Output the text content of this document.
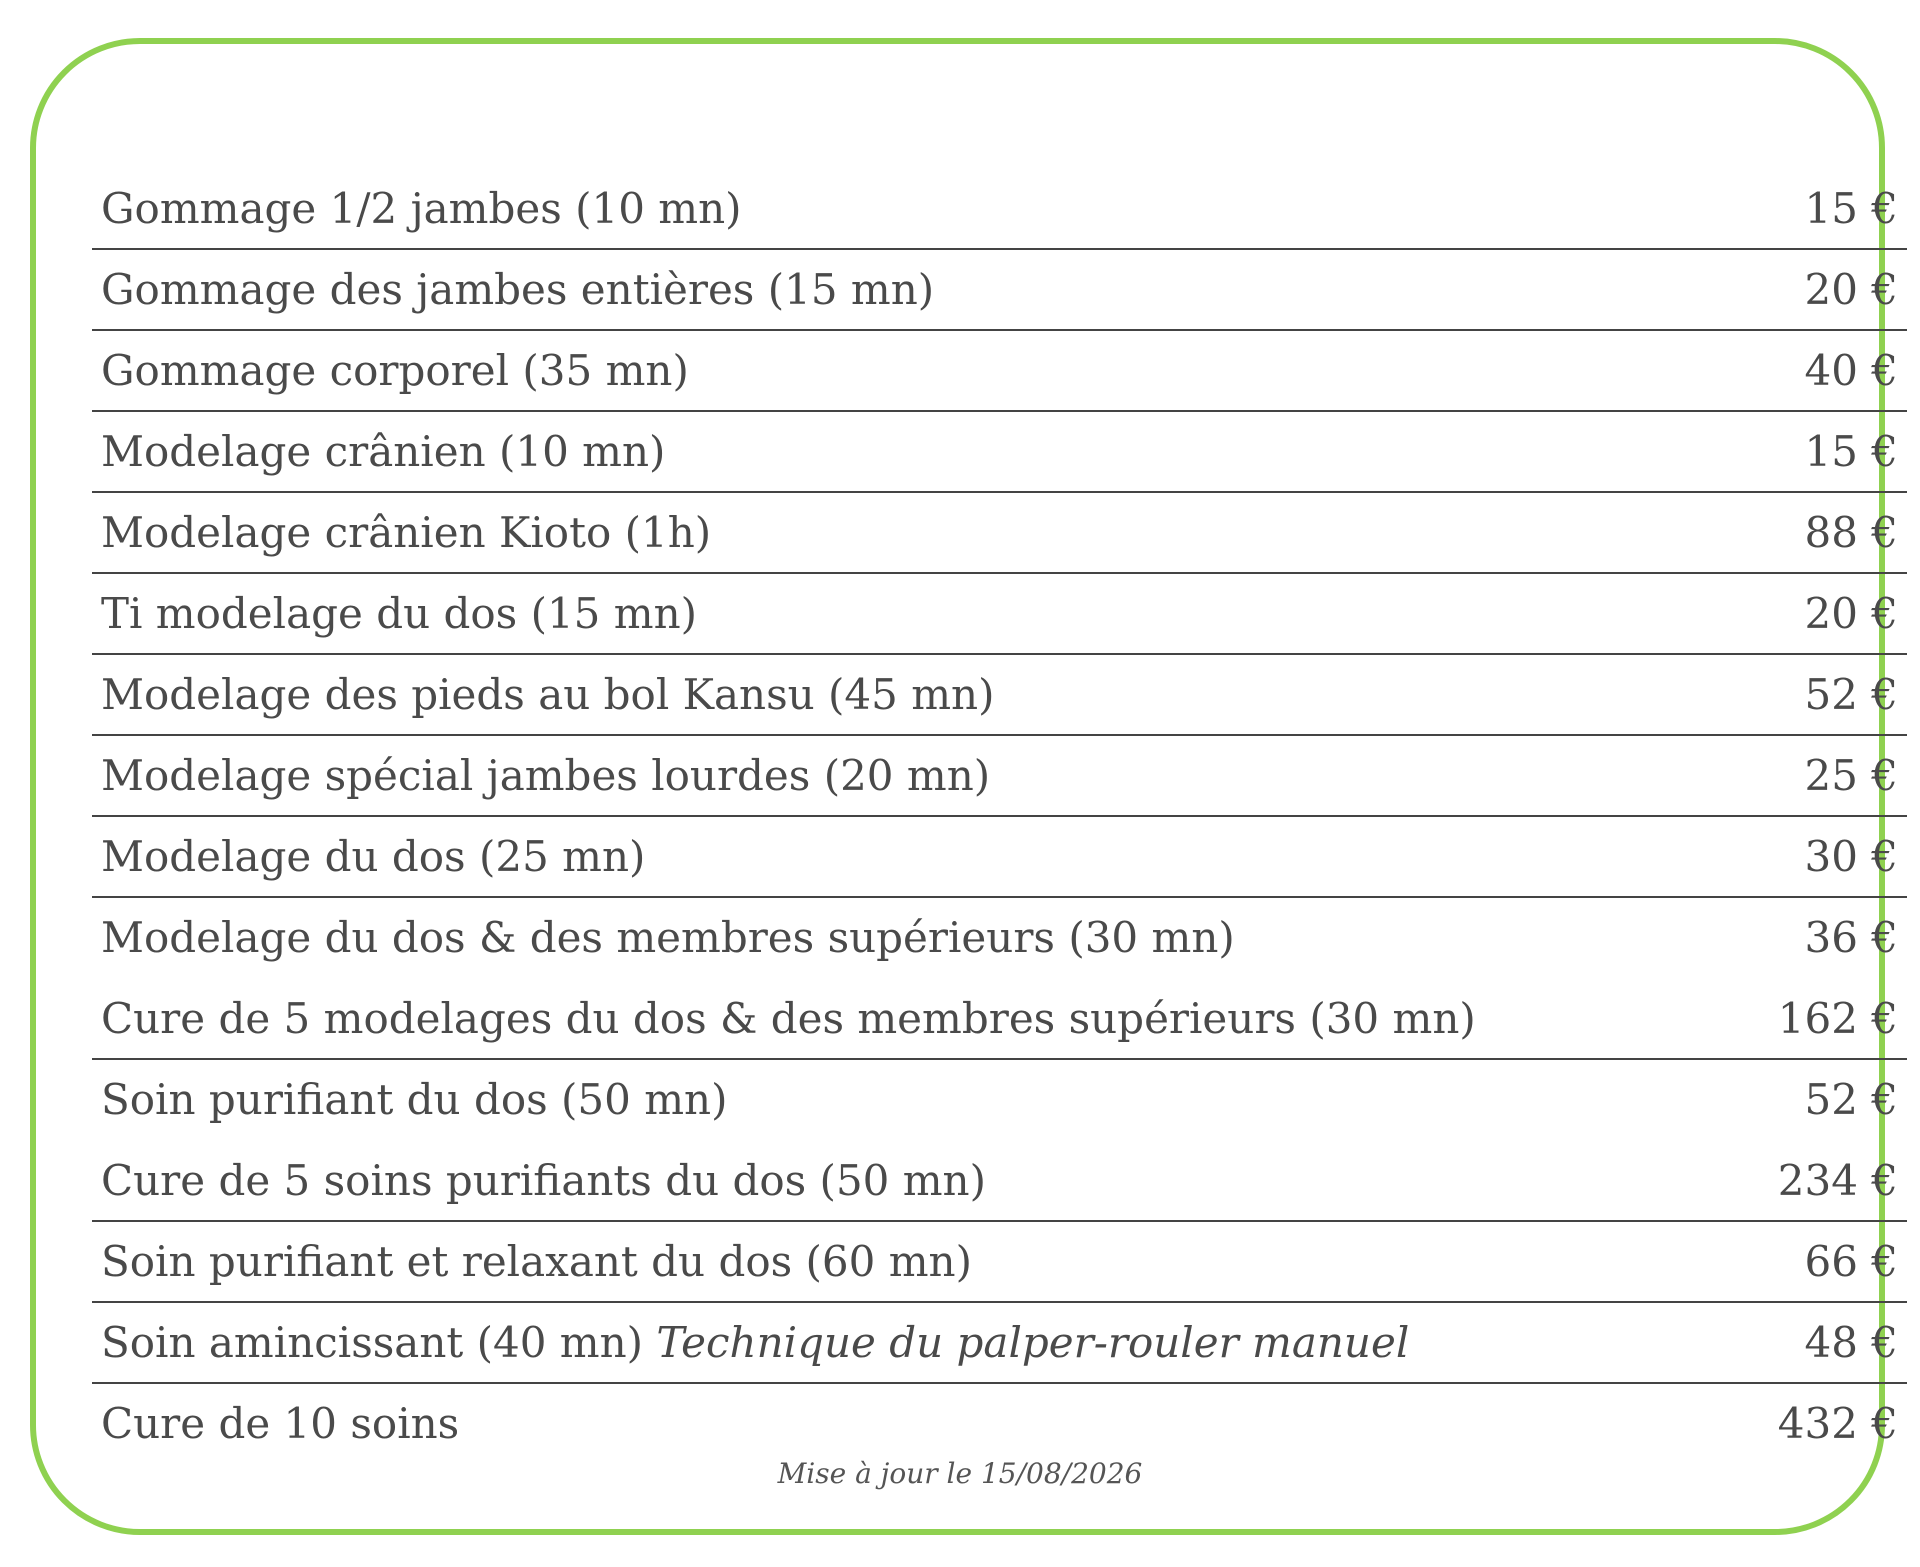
Gommage 1/2 jambes (10 mn)	15 €
Gommage des jambes entières (15 mn)	20 €
Gommage corporel (35 mn)	40 €
Modelage crânien (10 mn)	15 €
Modelage crânien Kioto (1h)	88 €
Ti modelage du dos (15 mn)	20 €
Modelage des pieds au bol Kansu (45 mn)	52 €
Modelage spécial jambes lourdes (20 mn)	25 €
Modelage du dos (25 mn)	30 €
Modelage du dos & des membres supérieurs (30 mn)	36 €
Cure de 5 modelages du dos & des membres supérieurs (30 mn)	162 €
Soin purifiant du dos (50 mn)	52 €
Cure de 5 soins purifiants du dos (50 mn)	234 €
Soin purifiant et relaxant du dos (60 mn)	66 €
Soin amincissant (40 mn) Technique du palper-rouler manuel	48 €
Cure de 10 soins	432 €
Mise à jour le 15/08/2026
